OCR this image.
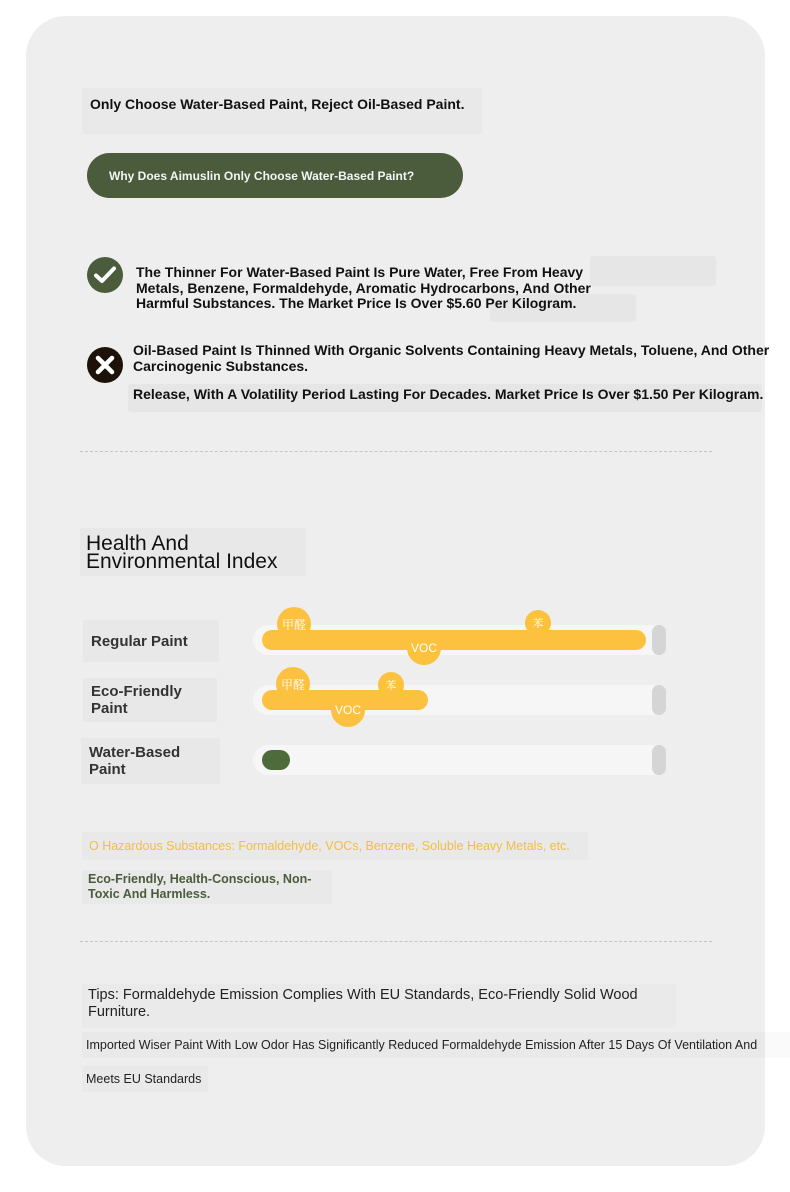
Only Choose Water-Based Paint, Reject Oil-Based Paint.
Why Does Aimuslin Only Choose Water-Based Paint?
The Thinner For Water-Based Paint Is Pure Water, Free From Heavy Metals, Benzene, Formaldehyde, Aromatic Hydrocarbons, And Other Harmful Substances. The Market Price Is Over $5.60 Per Kilogram.
Oil-Based Paint Is Thinned With Organic Solvents Containing Heavy Metals, Toluene, And Other Carcinogenic Substances.
Release, With A Volatility Period Lasting For Decades. Market Price Is Over $1.50 Per Kilogram.
Health And Environmental Index
Regular Paint
甲醛	苯
VOC
Eco-Friendly Paint
甲醛	苯
VOC
Water-Based Paint
O Hazardous Substances: Formaldehyde, VOCs, Benzene, Soluble Heavy Metals, etc.
Eco-Friendly, Health-Conscious, Non-Toxic And Harmless.
Tips: Formaldehyde Emission Complies With EU Standards, Eco-Friendly Solid Wood Furniture.
Imported Wiser Paint With Low Odor Has Significantly Reduced Formaldehyde Emission After 15 Days Of Ventilation And
Meets EU Standards
